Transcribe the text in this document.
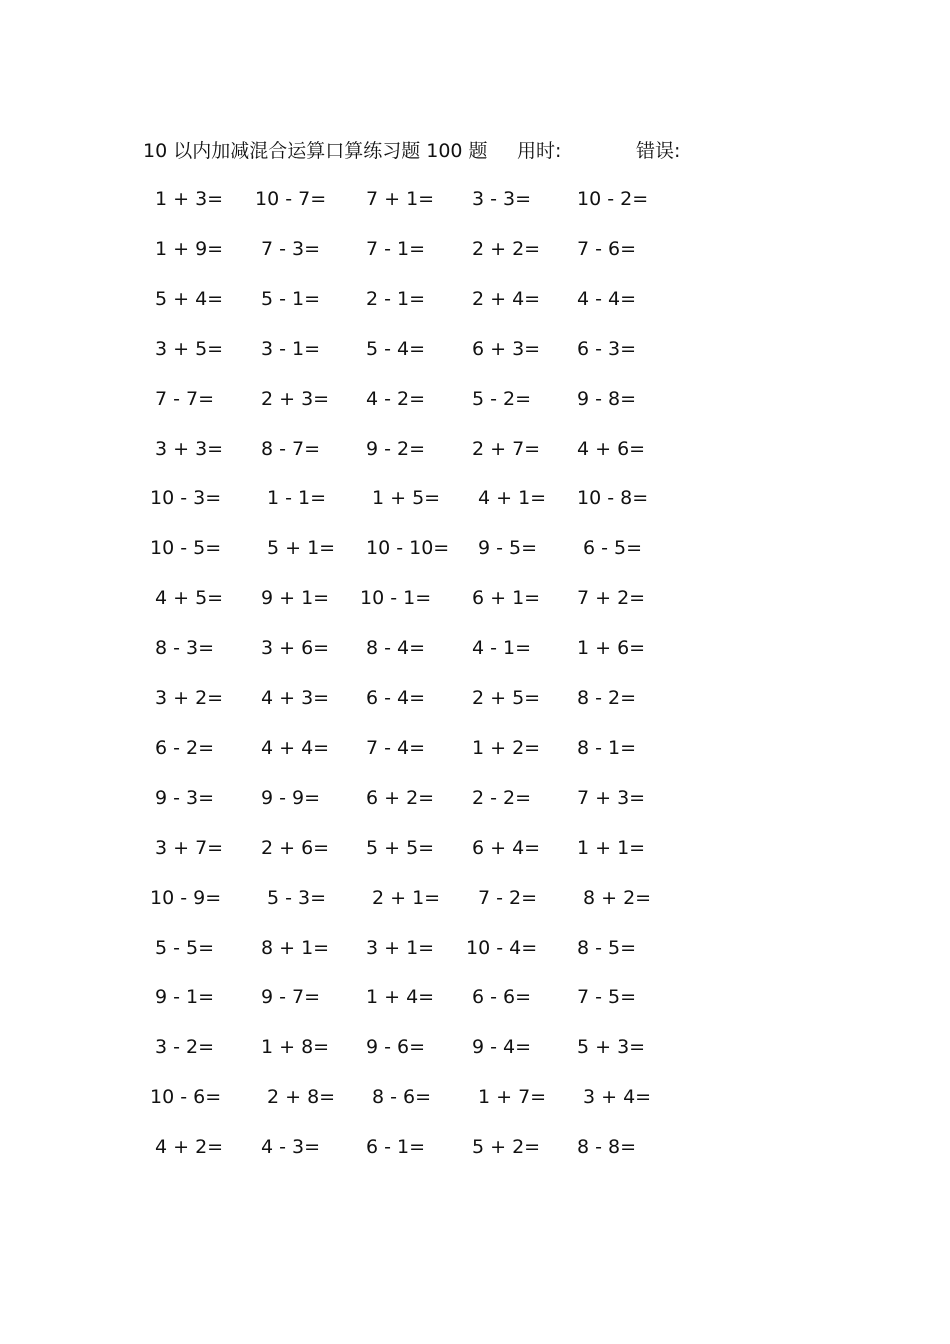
10 以内加减混合运算口算练习题 100 题 用时:	错误:
1 + 3=	10 - 7=	7 + 1=	3 - 3=	10 - 2=
1 + 9=	7 - 3=	7 - 1=	2 + 2=	7 - 6=
5 + 4=	5 - 1=	2 - 1=	2 + 4=	4 - 4=
3 + 5=	3 - 1=	5 - 4=	6 + 3=	6 - 3=
7 - 7=	2 + 3=	4 - 2=	5 - 2=	9 - 8=
3 + 3=	8 - 7=	9 - 2=	2 + 7=	4 + 6=
10 - 3=	1 - 1=	1 + 5=	4 + 1=	10 - 8=
10 - 5=	5 + 1=	10 - 10=	9 - 5=	6 - 5=
4 + 5=	9 + 1=	10 - 1=	6 + 1=	7 + 2=
8 - 3=	3 + 6=	8 - 4=	4 - 1=	1 + 6=
3 + 2=	4 + 3=	6 - 4=	2 + 5=	8 - 2=
6 - 2=	4 + 4=	7 - 4=	1 + 2=	8 - 1=
9 - 3=	9 - 9=	6 + 2=	2 - 2=	7 + 3=
3 + 7=	2 + 6=	5 + 5=	6 + 4=	1 + 1=
10 - 9=	5 - 3=	2 + 1=	7 - 2=	8 + 2=
5 - 5=	8 + 1=	3 + 1=	10 - 4=	8 - 5=
9 - 1=	9 - 7=	1 + 4=	6 - 6=	7 - 5=
3 - 2=	1 + 8=	9 - 6=	9 - 4=	5 + 3=
10 - 6=	2 + 8=	8 - 6=	1 + 7=	3 + 4=
4 + 2=	4 - 3=	6 - 1=	5 + 2=	8 - 8=
